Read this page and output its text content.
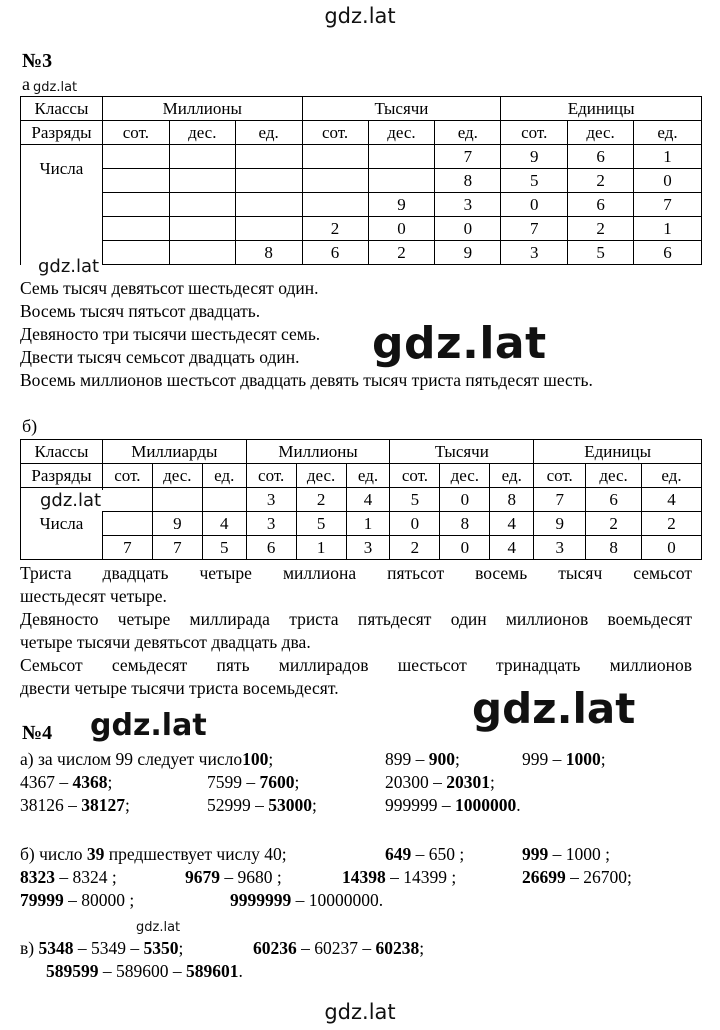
gdz.lat
gdz.lat
№3
а
Классы	Миллионы			Тысячи			Единицы		
Разряды	сот.	дес.	ед.	сот.	дес.	ед.	сот.	дес.	ед.
Числа						7	9	6	1
						8	5	2	0
					9	3	0	6	7
				2	0	0	7	2	1
			8	6	2	9	3	5	6
gdz.lat
Семь тысяч девятьсот шестьдесят один.
Восемь тысяч пятьсот двадцать.
Девяносто три тысячи шестьдесят семь.
Двести тысяч семьсот двадцать один.
Восемь миллионов шестьсот двадцать девять тысяч триста пятьдесят шесть.
gdz.lat
б)
Классы	Миллиарды			Миллионы			Тысячи			Единицы		
Разряды	сот.	дес.	ед.	сот.	дес.	ед.	сот.	дес.	ед.	сот.	дес.	ед.
Числа				3	2	4	5	0	8	7	6	4
		9	4	3	5	1	0	8	4	9	2	2
	7	7	5	6	1	3	2	0	4	3	8	0
gdz.lat
Триста двадцать четыре миллиона пятьсот восемь тысяч семьсот
шестьдесят четыре.
Девяносто четыре миллирада триста пятьдесят один миллионов воемьдесят
четыре тысячи девятьсот двадцать два.
Семьсот семьдесят пять миллирадов шестьсот тринадцать миллионов
двести четыре тысячи триста восемьдесят.
gdz.lat	gdz.lat
№4
а) за числом 99 следует число100;	899 – 900;	999 – 1000;
4367 – 4368;	7599 – 7600;	20300 – 20301;
38126 – 38127;	52999 – 53000;	999999 – 1000000.
б) число 39 предшествует числу 40;	649 – 650 ;	999 – 1000 ;
8323 – 8324 ;	9679 – 9680 ;	14398 – 14399 ;	26699 – 26700;
79999 – 80000 ;	9999999 – 10000000.
gdz.lat
в) 5348 – 5349 – 5350;	60236 – 60237 – 60238;
589599 – 589600 – 589601.
gdz.lat
